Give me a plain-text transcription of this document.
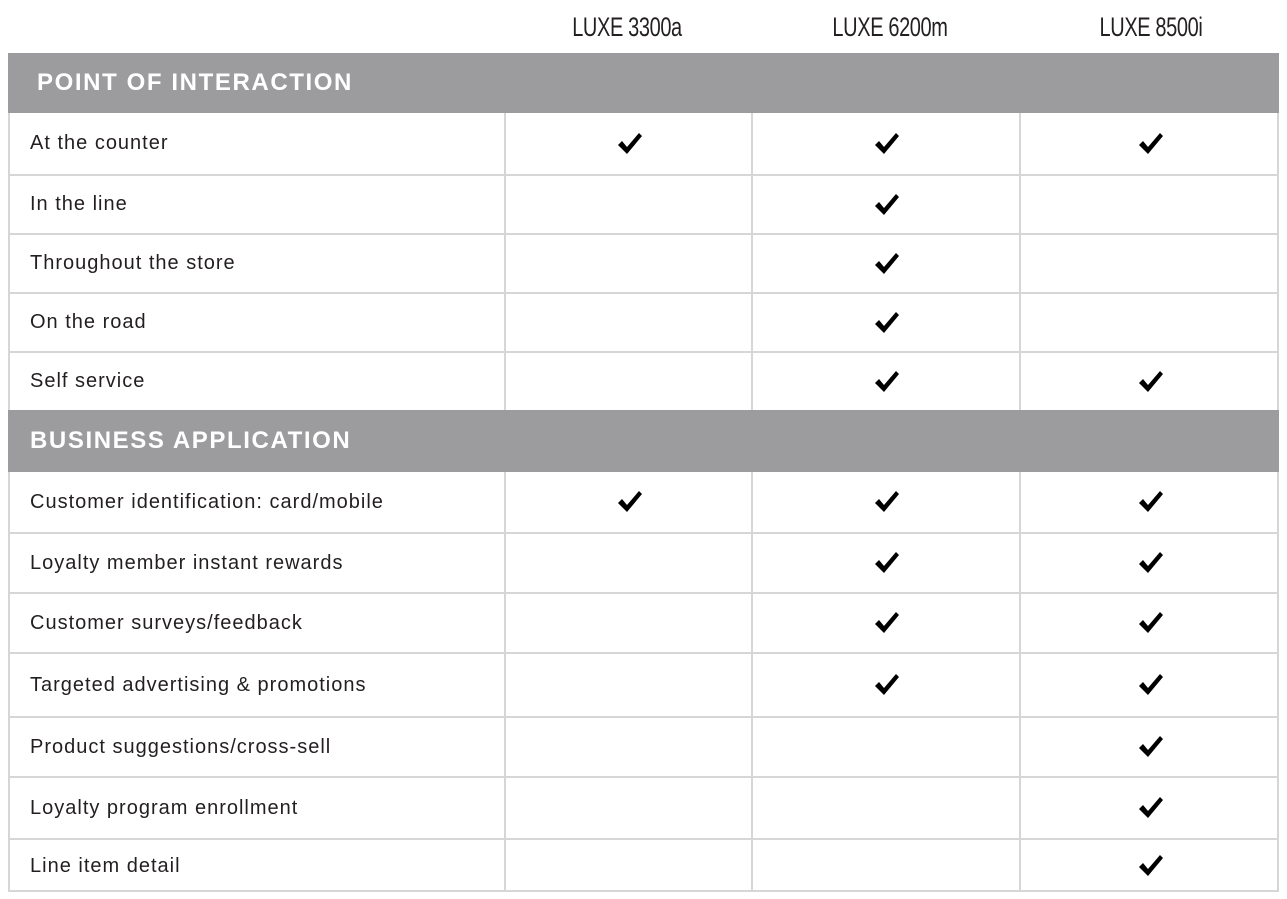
LUXE 3300a	LUXE 6200m	LUXE 8500i
POINT OF INTERACTION
At the counter
In the line
Throughout the store
On the road
Self service
BUSINESS APPLICATION
Customer identification: card/mobile
Loyalty member instant rewards
Customer surveys/feedback
Targeted advertising & promotions
Product suggestions/cross-sell
Loyalty program enrollment
Line item detail
